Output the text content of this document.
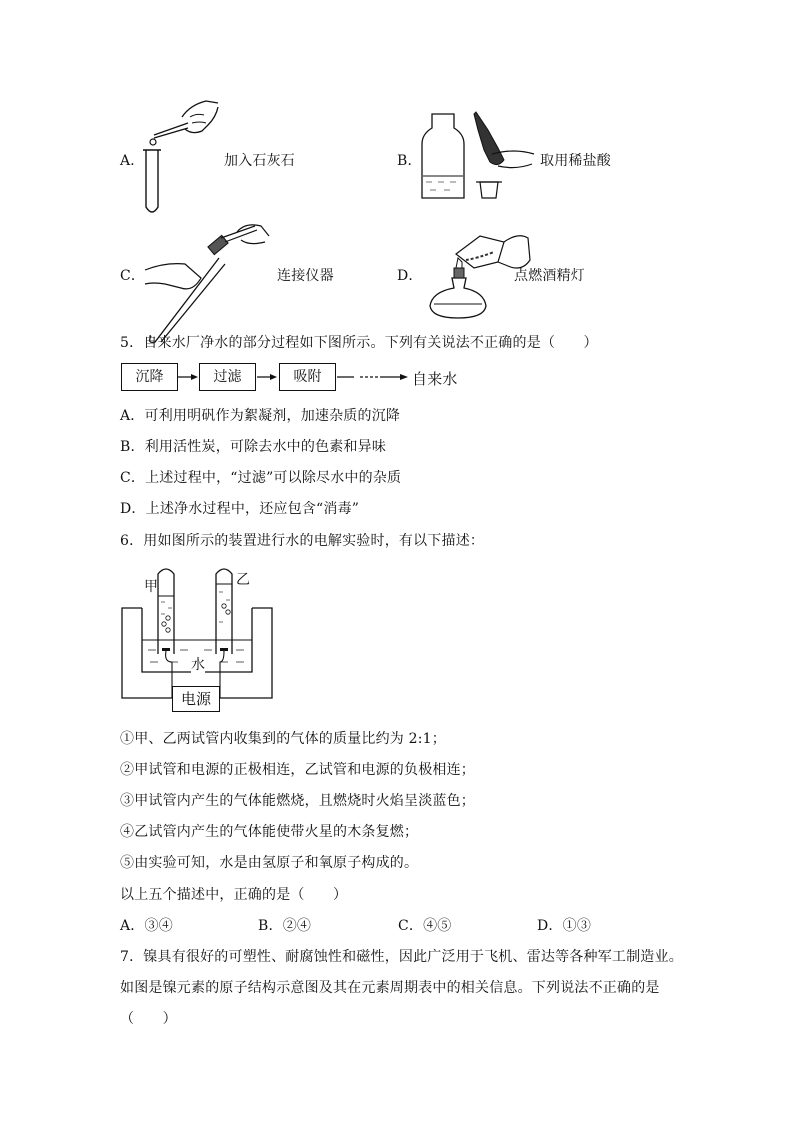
A．	加入石灰石	B．	取用稀盐酸
C．	连接仪器	D．	点燃酒精灯
5．自来水厂净水的部分过程如下图所示。下列有关说法不正确的是（　　）
沉降	过滤	吸附	自来水
A．可利用明矾作为絮凝剂，加速杂质的沉降
B．利用活性炭，可除去水中的色素和异味
C．上述过程中，“过滤”可以除尽水中的杂质
D．上述净水过程中，还应包含“消毒”
6．用如图所示的装置进行水的电解实验时，有以下描述：
甲	乙
水
电源
①甲、乙两试管内收集到的气体的质量比约为 2:1；
②甲试管和电源的正极相连，乙试管和电源的负极相连；
③甲试管内产生的气体能燃烧，且燃烧时火焰呈淡蓝色；
④乙试管内产生的气体能使带火星的木条复燃；
⑤由实验可知，水是由氢原子和氧原子构成的。
以上五个描述中，正确的是（　　）
A．③④	B．②④	C．④⑤	D．①③
7．镍具有很好的可塑性、耐腐蚀性和磁性，因此广泛用于飞机、雷达等各种军工制造业。
如图是镍元素的原子结构示意图及其在元素周期表中的相关信息。下列说法不正确的是
（　　）
